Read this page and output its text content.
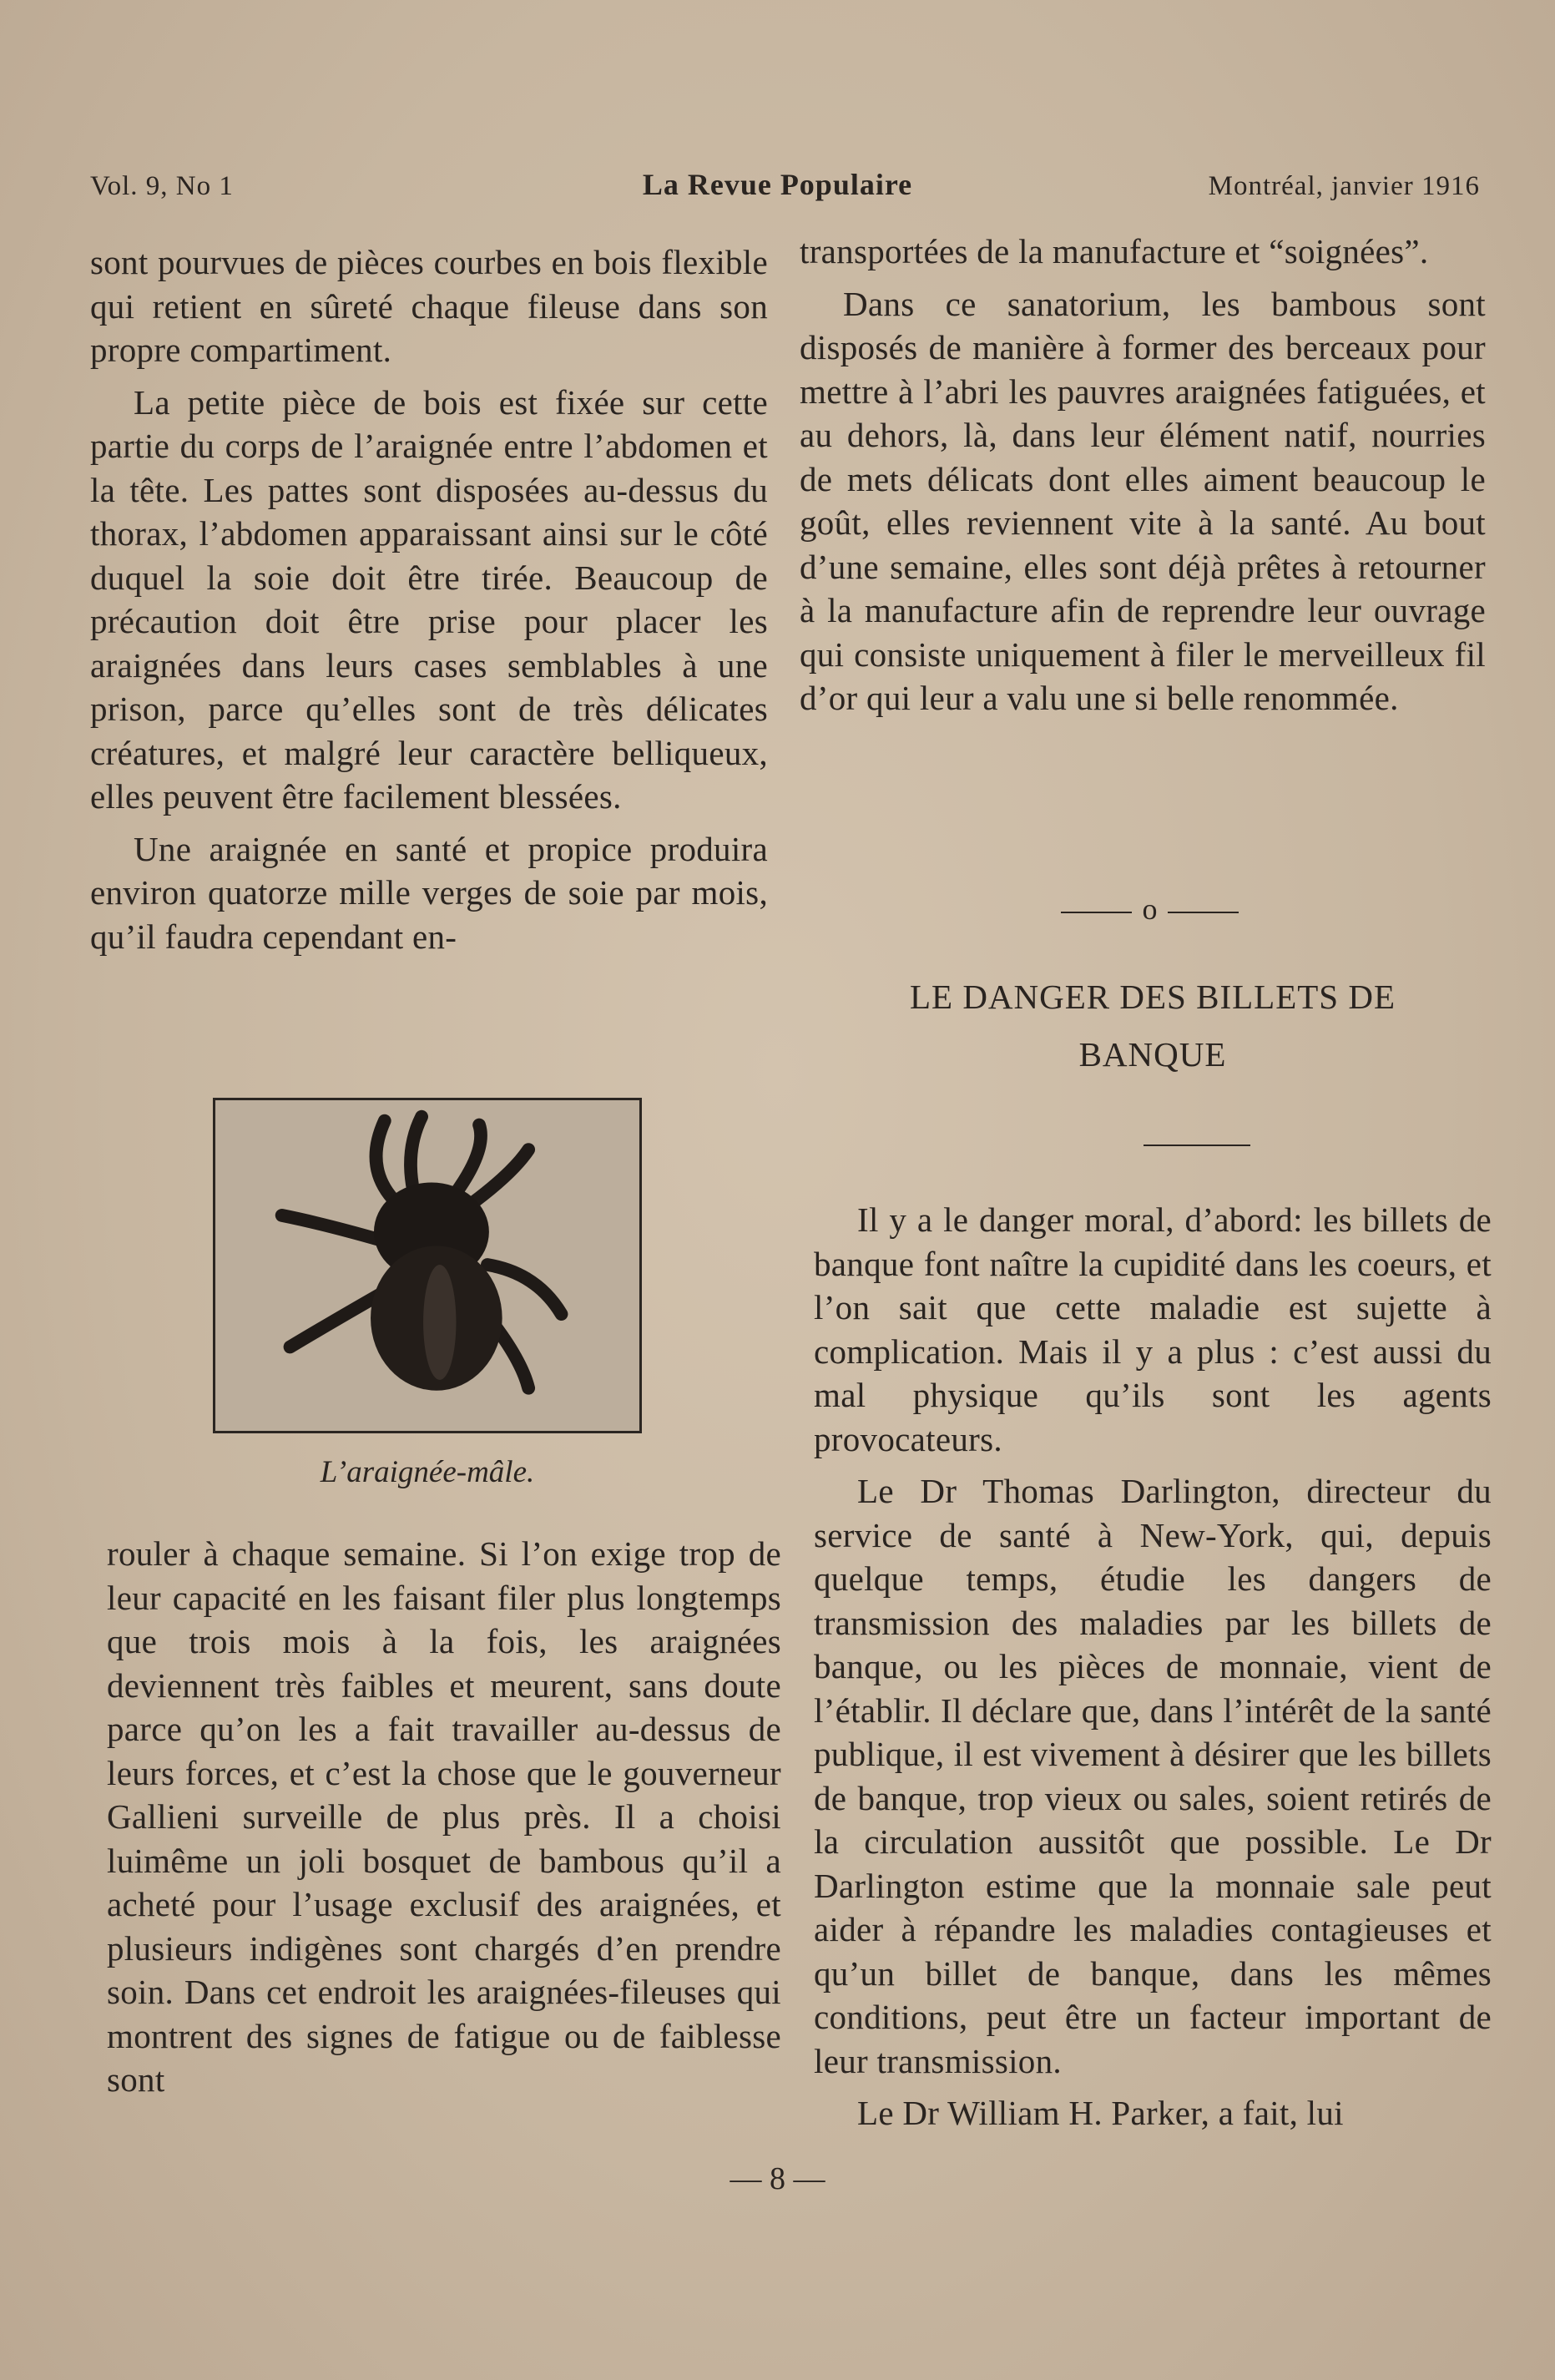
Vol. 9, No 1	La Revue Populaire	Montréal, janvier 1916

sont pourvues de pièces courbes en bois flexible qui retient en sûreté chaque fileuse dans son propre compartiment.

La petite pièce de bois est fixée sur cette partie du corps de l’araignée entre l’abdomen et la tête. Les pattes sont disposées au-dessus du thorax, l’abdomen apparaissant ainsi sur le côté duquel la soie doit être tirée. Beaucoup de précaution doit être prise pour placer les araignées dans leurs cases semblables à une prison, parce qu’elles sont de très délicates créatures, et malgré leur caractère belliqueux, elles peuvent être facilement blessées.

Une araignée en santé et propice produira environ quatorze mille verges de soie par mois, qu’il faudra cependant en-

L’araignée-mâle.

rouler à chaque semaine. Si l’on exige trop de leur capacité en les faisant filer plus longtemps que trois mois à la fois, les araignées deviennent très faibles et meurent, sans doute parce qu’on les a fait travailler au-dessus de leurs forces, et c’est la chose que le gouverneur Gallieni surveille de plus près. Il a choisi luimême un joli bosquet de bambous qu’il a acheté pour l’usage exclusif des araignées, et plusieurs indigènes sont chargés d’en prendre soin. Dans cet endroit les araignées-fileuses qui montrent des signes de fatigue ou de faiblesse sont

transportées de la manufacture et “soignées”.

Dans ce sanatorium, les bambous sont disposés de manière à former des berceaux pour mettre à l’abri les pauvres araignées fatiguées, et au dehors, là, dans leur élément natif, nourries de mets délicats dont elles aiment beaucoup le goût, elles reviennent vite à la santé. Au bout d’une semaine, elles sont déjà prêtes à retourner à la manufacture afin de reprendre leur ouvrage qui consiste uniquement à filer le merveilleux fil d’or qui leur a valu une si belle renommée.

o
LE DANGER DES BILLETS DE
BANQUE

Il y a le danger moral, d’abord: les billets de banque font naître la cupidité dans les coeurs, et l’on sait que cette maladie est sujette à complication. Mais il y a plus : c’est aussi du mal physique qu’ils sont les agents provocateurs.

Le Dr Thomas Darlington, directeur du service de santé à New-York, qui, depuis quelque temps, étudie les dangers de transmission des maladies par les billets de banque, ou les pièces de monnaie, vient de l’établir. Il déclare que, dans l’intérêt de la santé publique, il est vivement à désirer que les billets de banque, trop vieux ou sales, soient retirés de la circulation aussitôt que possible. Le Dr Darlington estime que la monnaie sale peut aider à répandre les maladies contagieuses et qu’un billet de banque, dans les mêmes conditions, peut être un facteur important de leur transmission.

Le Dr William H. Parker, a fait, lui

— 8 —
